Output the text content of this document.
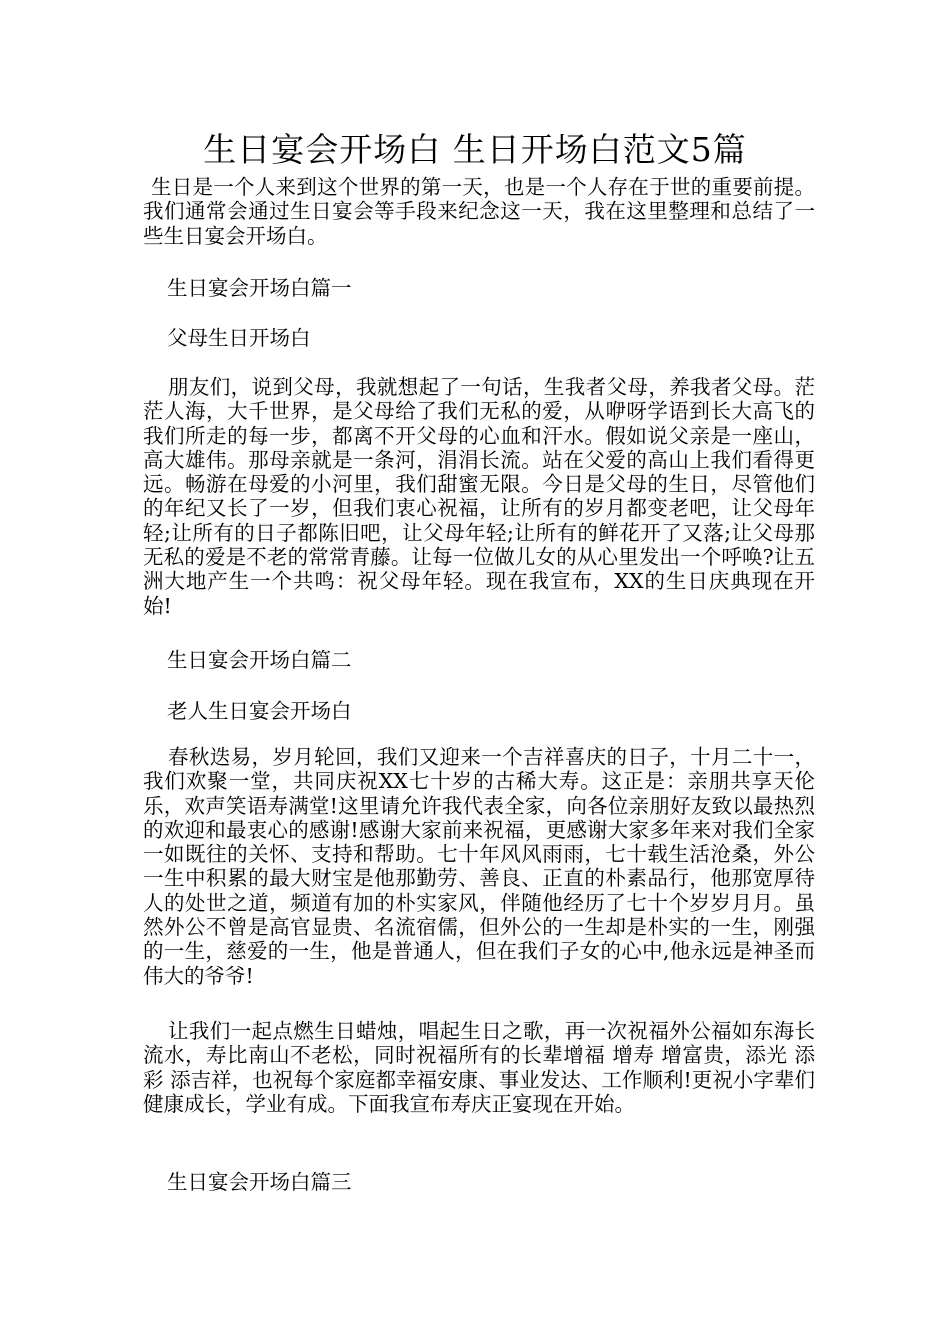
生日宴会开场白 生日开场白范文5篇

生日是一个人来到这个世界的第一天，也是一个人存在于世的重要前提。我们通常会通过生日宴会等手段来纪念这一天，我在这里整理和总结了一些生日宴会开场白。

生日宴会开场白篇一

父母生日开场白

朋友们，说到父母，我就想起了一句话，生我者父母，养我者父母。茫茫人海，大千世界，是父母给了我们无私的爱，从咿呀学语到长大高飞的我们所走的每一步，都离不开父母的心血和汗水。假如说父亲是一座山，高大雄伟。那母亲就是一条河，涓涓长流。站在父爱的高山上我们看得更远。畅游在母爱的小河里，我们甜蜜无限。今日是父母的生日，尽管他们的年纪又长了一岁，但我们衷心祝福，让所有的岁月都变老吧，让父母年轻;让所有的日子都陈旧吧，让父母年轻;让所有的鲜花开了又落;让父母那无私的爱是不老的常常青藤。让每一位做儿女的从心里发出一个呼唤?让五洲大地产生一个共鸣：祝父母年轻。现在我宣布，XX的生日庆典现在开始!

生日宴会开场白篇二

老人生日宴会开场白

春秋迭易，岁月轮回，我们又迎来一个吉祥喜庆的日子，十月二十一，我们欢聚一堂，共同庆祝XX七十岁的古稀大寿。这正是：亲朋共享天伦乐，欢声笑语寿满堂!这里请允许我代表全家，向各位亲朋好友致以最热烈的欢迎和最衷心的感谢!感谢大家前来祝福，更感谢大家多年来对我们全家一如既往的关怀、支持和帮助。七十年风风雨雨，七十载生活沧桑，外公一生中积累的最大财宝是他那勤劳、善良、正直的朴素品行，他那宽厚待人的处世之道，频道有加的朴实家风，伴随他经历了七十个岁岁月月。虽然外公不曾是高官显贵、名流宿儒，但外公的一生却是朴实的一生，刚强的一生，慈爱的一生，他是普通人，但在我们子女的心中,他永远是神圣而伟大的爷爷!

让我们一起点燃生日蜡烛，唱起生日之歌，再一次祝福外公福如东海长流水，寿比南山不老松，同时祝福所有的长辈增福 增寿 增富贵，添光 添彩 添吉祥，也祝每个家庭都幸福安康、事业发达、工作顺利!更祝小字辈们健康成长，学业有成。下面我宣布寿庆正宴现在开始。

生日宴会开场白篇三
